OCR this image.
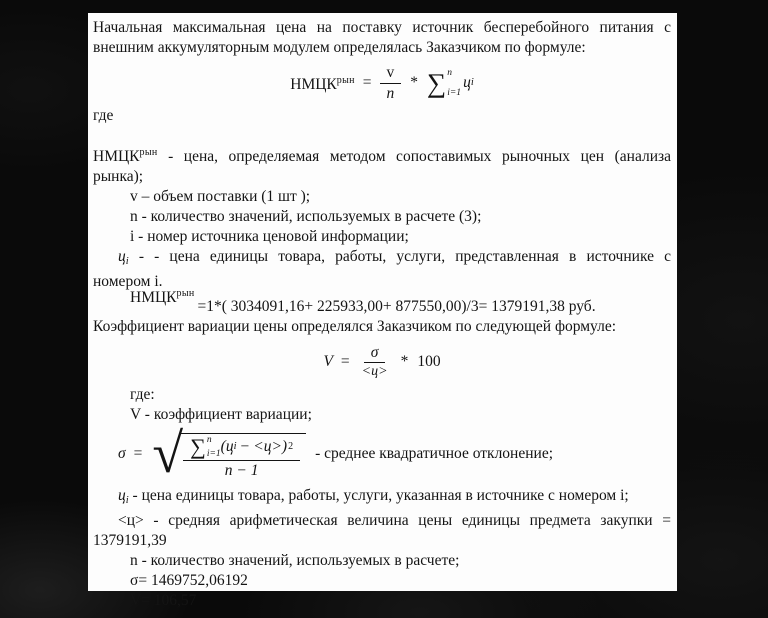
Начальная максимальная цена на поставку источник бесперебойного питания с
внешним аккумуляторным модулем определялась Заказчиком по формуле:
$НМЦК^{рын} = \frac{v}{n}$ * ∑ n
i=1
ц i
где
$НМЦК^{рын}$ - цена, определяемая методом сопоставимых рыночных цен (анализа
рынка);
v – объем поставки (1 шт );
n - количество значений, используемых в расчете (3);
i - номер источника ценовой информации;
цi - - цена единицы товара, работы, услуги, представленная в источнике с
номером i.
$НМЦК^{рын}=1*$( 3034091,16+ 225933,00+ 877550,00)/3= 1379191,38 руб.
Коэффициент вариации цены определялся Заказчиком по следующей формуле:
$V = \frac{\sigma}{<ц>} * 100$
где:
V - коэффициент вариации;
σ = √ ∑ n
i=1 ( ц i − <ц> ) 2
n − 1
- среднее квадратичное отклонение;
цi - цена единицы товара, работы, услуги, указанная в источнике с номером i;
<ц> - средняя арифметическая величина цены единицы предмета закупки =
1379191,39
n - количество значений, используемых в расчете;
σ= 1469752,06192
V= 106,57
